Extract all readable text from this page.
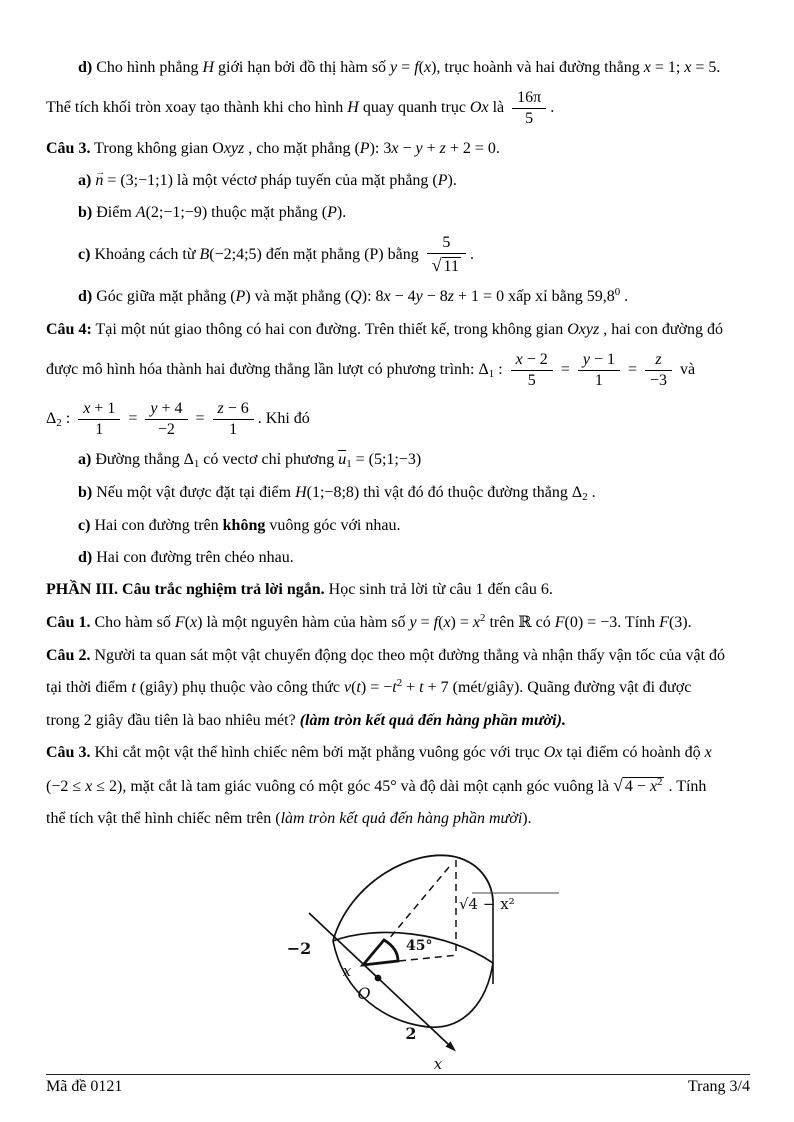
d) Cho hình phẳng H giới hạn bởi đồ thị hàm số y = f(x), trục hoành và hai đường thẳng x = 1; x = 5.
Thể tích khối tròn xoay tạo thành khi cho hình H quay quanh trục Ox là $\frac{16\pi}{5}$ .
Câu 3. Trong không gian Oxyz , cho mặt phẳng (P): 3x − y + z + 2 = 0.
a) → n = (3;−1;1) là một véctơ pháp tuyến của mặt phẳng (P).
b) Điểm A(2;−1;−9) thuộc mặt phẳng (P).
c) Khoảng cách từ B(−2;4;5) đến mặt phẳng (P) bằng $\frac{5}{√ 11}$ .
d) Góc giữa mặt phẳng (P) và mặt phẳng (Q): 8x − 4y − 8z + 1 = 0 xấp xỉ bằng 59,8$^0$ .
Câu 4: Tại một nút giao thông có hai con đường. Trên thiết kế, trong không gian Oxyz , hai con đường đó
được mô hình hóa thành hai đường thẳng lần lượt có phương trình: $\Delta_1$ : $\frac{x - 2}{5} = \frac{y - 1}{1} = \frac{z}{-3}$ và
$\Delta_2$ : $\frac{x + 1}{1} = \frac{y + 4}{-2} = \frac{z - 6}{1}$ . Khi đó
a) Đường thẳng $\Delta_1$ có vectơ chỉ phương $\overline{u}_1$ = (5;1;−3)
b) Nếu một vật được đặt tại điểm H(1;−8;8) thì vật đó đó thuộc đường thẳng $\Delta_2$ .
c) Hai con đường trên không vuông góc với nhau.
d) Hai con đường trên chéo nhau.
PHẦN III. Câu trắc nghiệm trả lời ngắn. Học sinh trả lời từ câu 1 đến câu 6.
Câu 1. Cho hàm số F(x) là một nguyên hàm của hàm số $y = f(x) = x^2$ trên ℝ có F(0) = −3. Tính F(3).
Câu 2. Người ta quan sát một vật chuyển động dọc theo một đường thẳng và nhận thấy vận tốc của vật đó
tại thời điểm t (giây) phụ thuộc vào công thức $v(t) = -t^2 + t + 7$ (mét/giây). Quãng đường vật đi được
trong 2 giây đầu tiên là bao nhiêu mét? (làm tròn kết quả đến hàng phần mười).
Câu 3. Khi cắt một vật thể hình chiếc nêm bởi mặt phẳng vuông góc với trục Ox tại điểm có hoành độ x
(−2 ≤ x ≤ 2), mặt cắt là tam giác vuông có một góc 45° và độ dài một cạnh góc vuông là √ $4 - x^2$ . Tính
thể tích vật thể hình chiếc nêm trên (làm tròn kết quả đến hàng phần mười).
√4 − x²
45°
−2
x
O
2
x
Mã đề 0121	Trang 3/4
